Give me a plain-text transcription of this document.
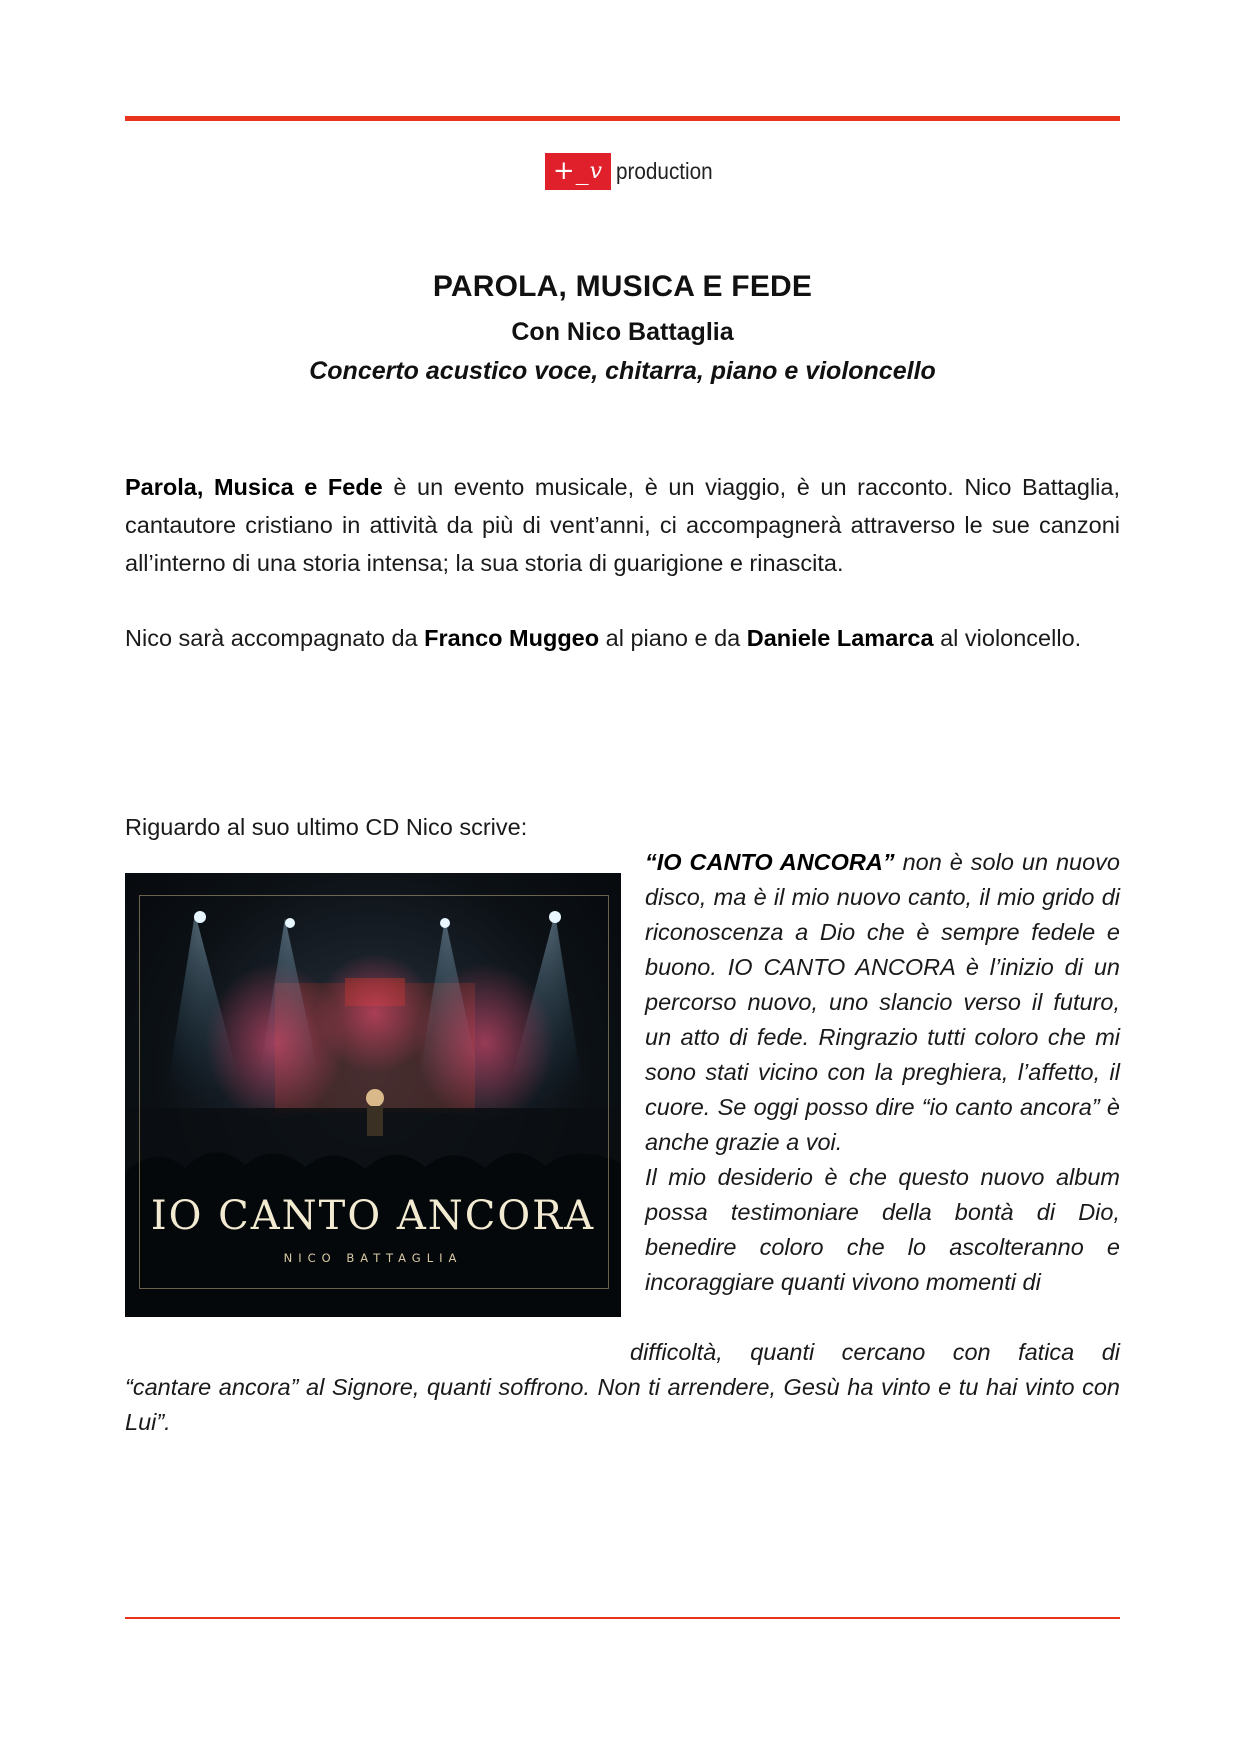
+_ v production
PAROLA, MUSICA E FEDE
Con Nico Battaglia
Concerto acustico voce, chitarra, piano e violoncello
Parola, Musica e Fede è un evento musicale, è un viaggio, è un racconto. Nico Battaglia, cantautore cristiano in attività da più di vent’anni, ci accompagnerà attraverso le sue canzoni all’interno di una storia intensa; la sua storia di guarigione e rinascita.
Nico sarà accompagnato da Franco Muggeo al piano e da Daniele Lamarca al violoncello.
Riguardo al suo ultimo CD Nico scrive:
IO CANTO ANCORA
NICO BATTAGLIA
“IO CANTO ANCORA” non è solo un nuovo disco, ma è il mio nuovo canto, il mio grido di riconoscenza a Dio che è sempre fedele e buono. IO CANTO ANCORA è l’inizio di un percorso nuovo, uno slancio verso il futuro, un atto di fede. Ringrazio tutti coloro che mi sono stati vicino con la preghiera, l’affetto, il cuore. Se oggi posso dire “io canto ancora” è anche grazie a voi.
Il mio desiderio è che questo nuovo album possa testimoniare della bontà di Dio, benedire coloro che lo ascolteranno e incoraggiare quanti vivono momenti di
difficoltà, quanti cercano con fatica di
“cantare ancora” al Signore, quanti soffrono. Non ti arrendere, Gesù ha vinto e tu hai vinto con Lui”.
